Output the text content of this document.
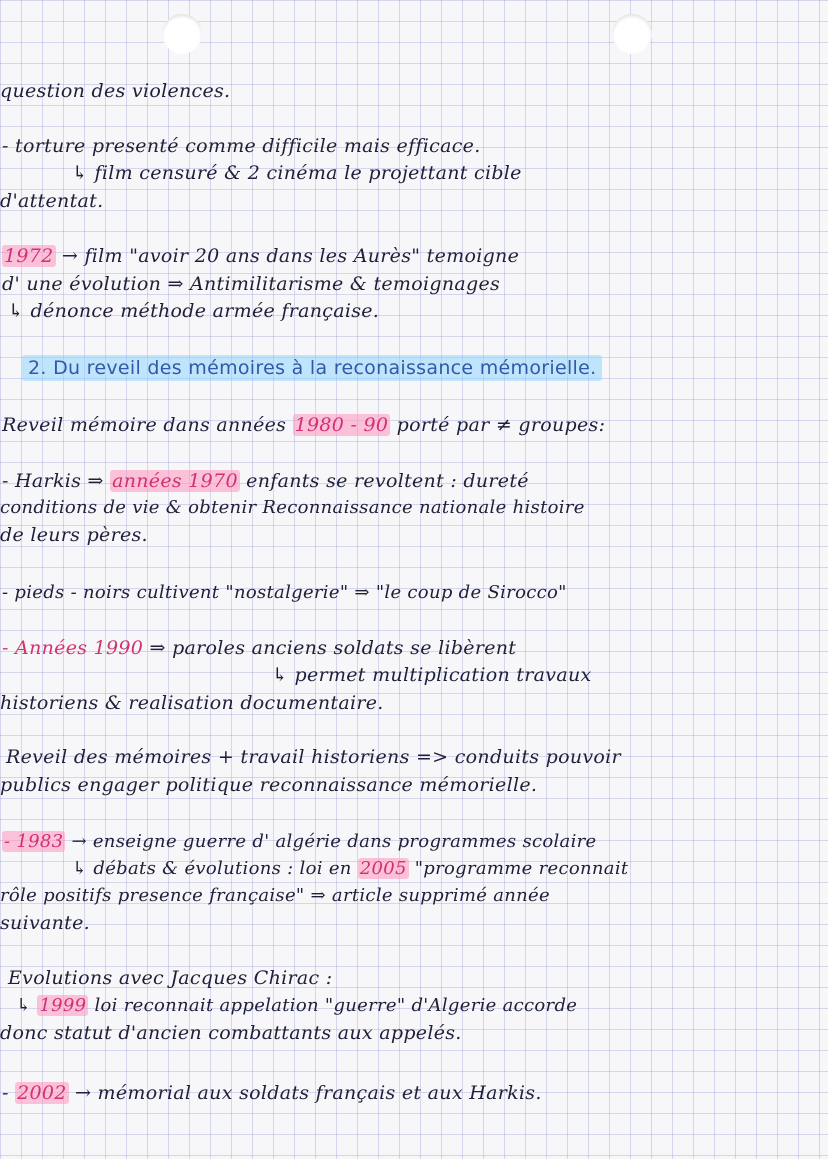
question des violences.
- torture presenté comme difficile mais efficace.
↳ film censuré & 2 cinéma le projettant cible
d'attentat.
1972 → film "avoir 20 ans dans les Aurès" temoigne
d' une évolution ⇒ Antimilitarisme & temoignages
↳ dénonce méthode armée française.
2. Du reveil des mémoires à la reconaissance mémorielle.
Reveil mémoire dans années 1980 - 90 porté par ≠ groupes:
- Harkis ⇒ années 1970 enfants se revoltent : dureté
conditions de vie & obtenir Reconnaissance nationale histoire
de leurs pères.
- pieds - noirs cultivent "nostalgerie" ⇒ "le coup de Sirocco"
- Années 1990 ⇒ paroles anciens soldats se libèrent
↳ permet multiplication travaux
historiens & realisation documentaire.
Reveil des mémoires + travail historiens => conduits pouvoir
publics engager politique reconnaissance mémorielle.
- 1983 → enseigne guerre d' algérie dans programmes scolaire
↳ débats & évolutions : loi en 2005 "programme reconnait
rôle positifs presence française" ⇒ article supprimé année
suivante.
Evolutions avec Jacques Chirac :
↳ 1999 loi reconnait appelation "guerre" d'Algerie accorde
donc statut d'ancien combattants aux appelés.
- 2002 → mémorial aux soldats français et aux Harkis.
